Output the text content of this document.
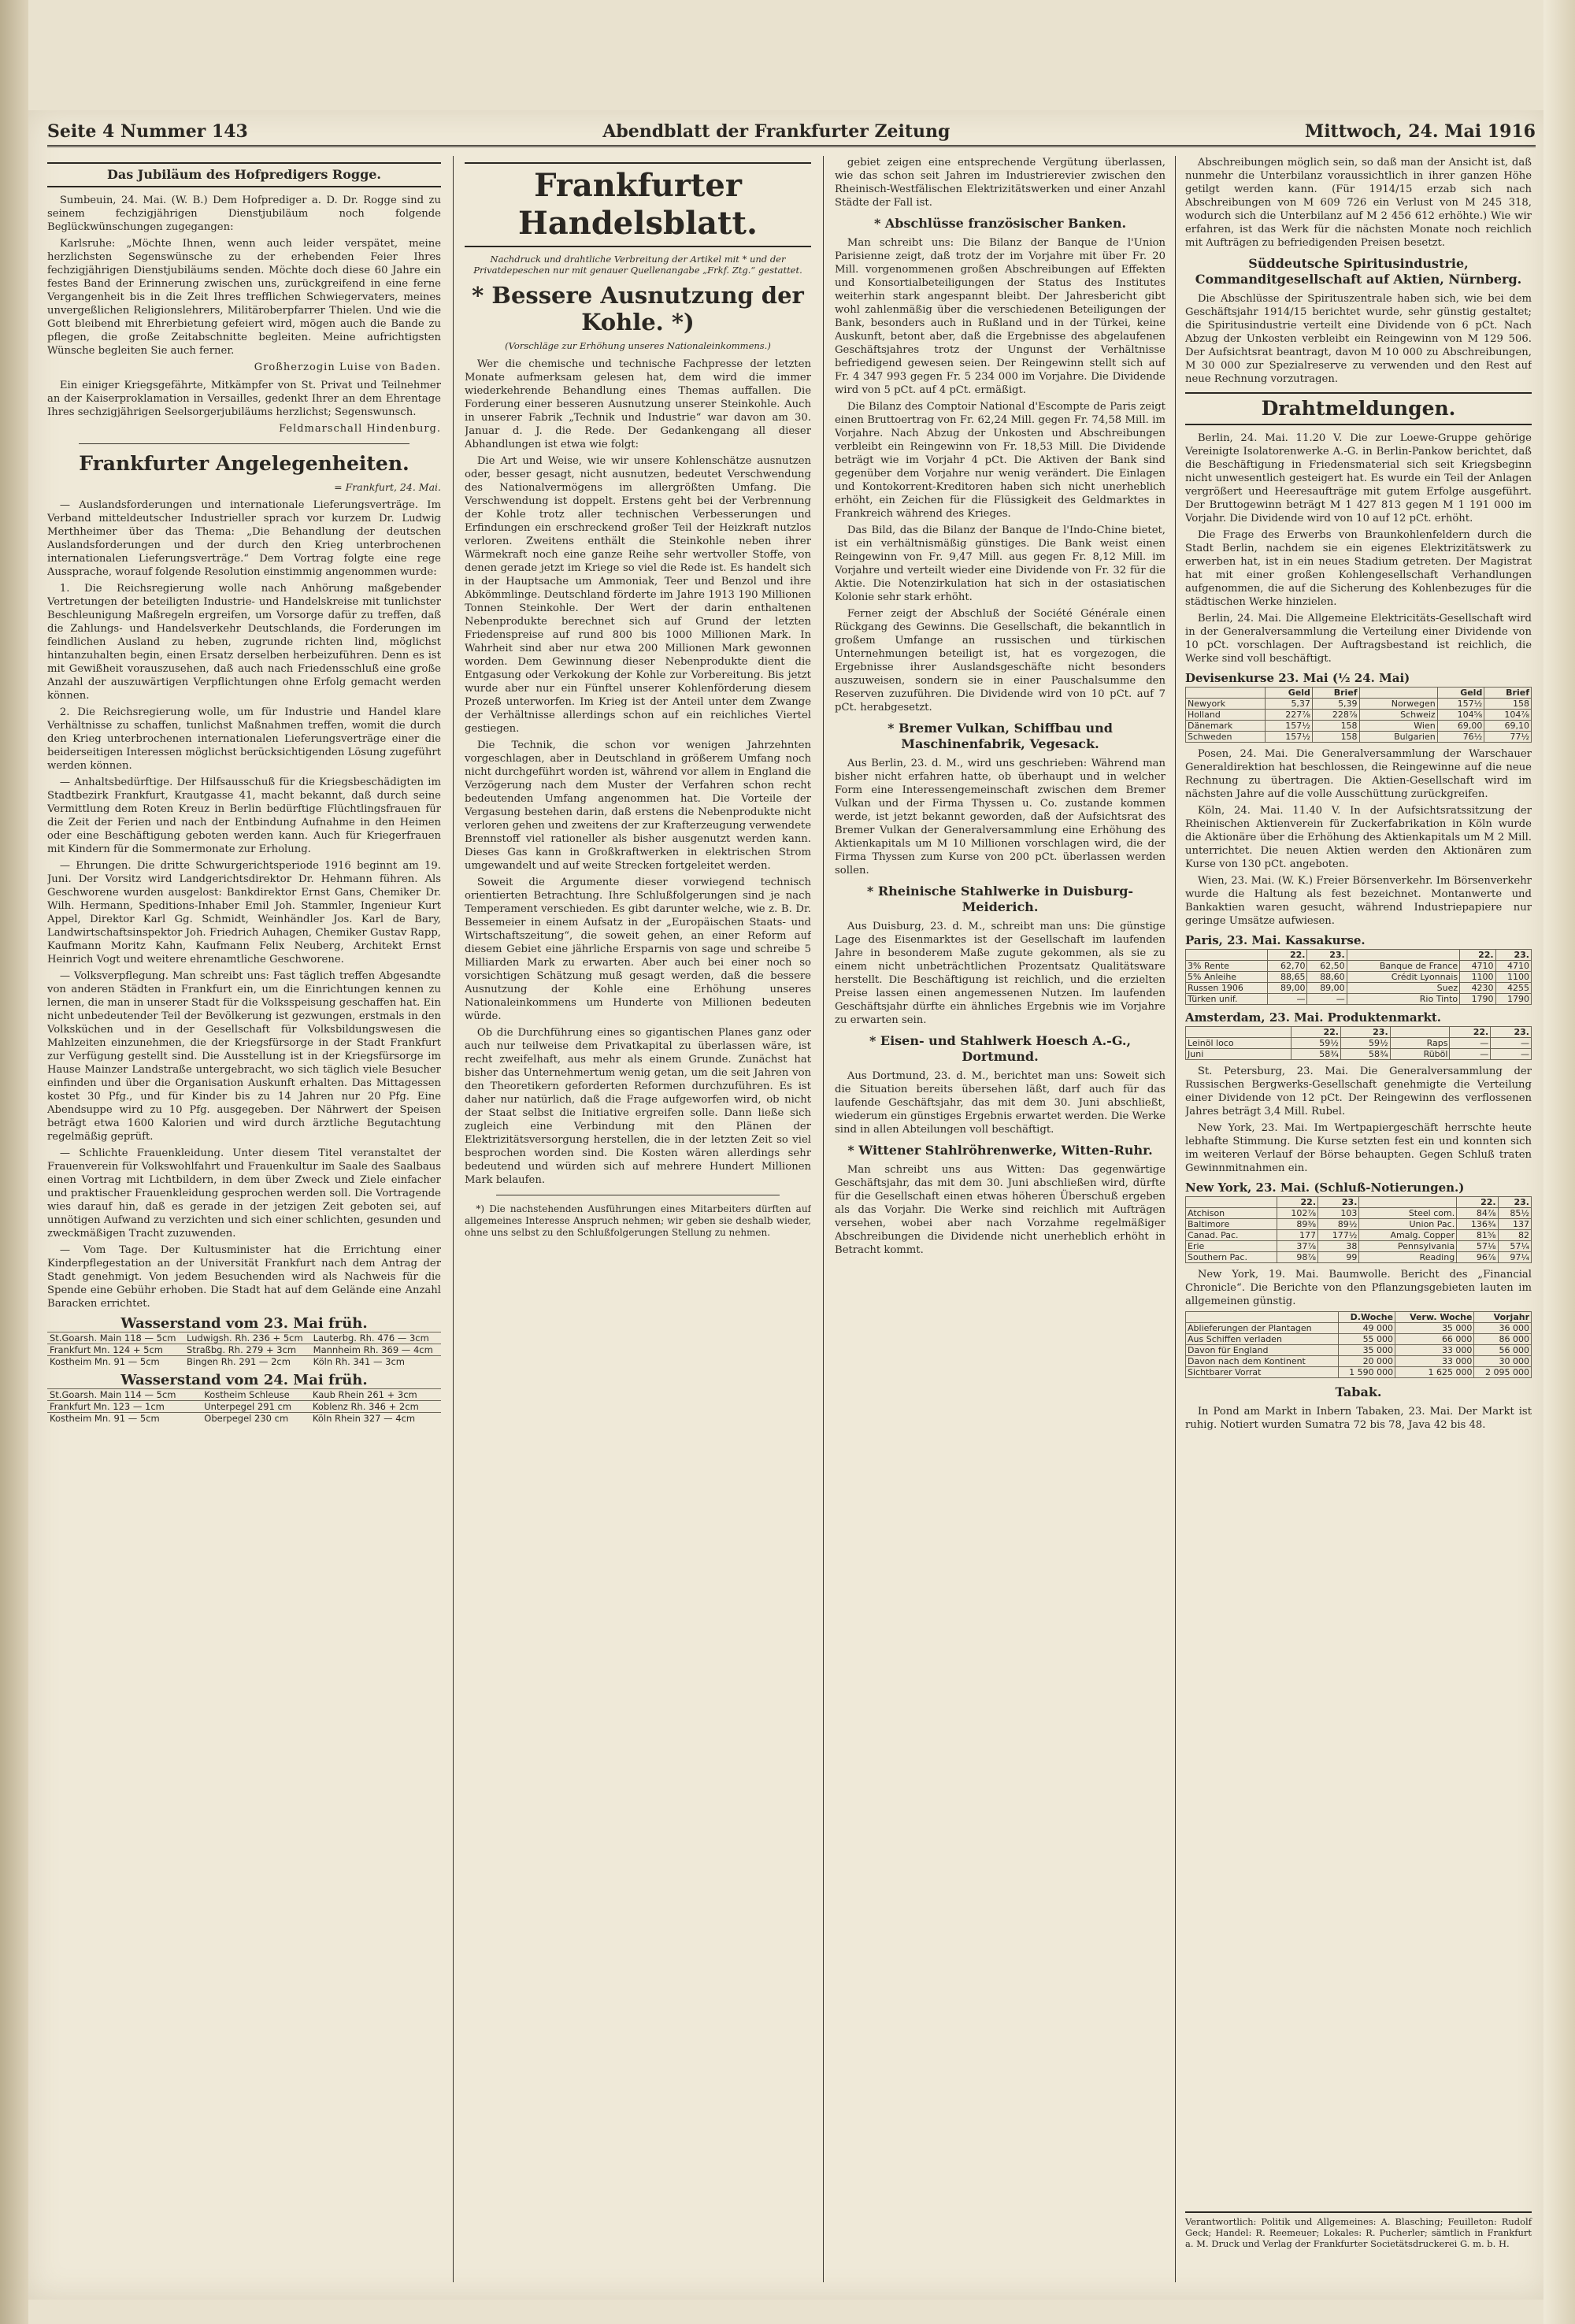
Seite 4 Nummer 143	Abendblatt der Frankfurter Zeitung	Mittwoch, 24. Mai 1916
Das Jubiläum des Hofpredigers Rogge.

Sumbeuin, 24. Mai. (W. B.) Dem Hofprediger a. D. Dr. Rogge sind zu seinem fechzigjährigen Dienstjubiläum noch folgende Beglückwünschungen zugegangen:

Karlsruhe: „Möchte Ihnen, wenn auch leider verspätet, meine herzlichsten Segenswünsche zu der erhebenden Feier Ihres fechzigjährigen Dienstjubiläums senden. Möchte doch diese 60 Jahre ein festes Band der Erinnerung zwischen uns, zurückgreifend in eine ferne Vergangenheit bis in die Zeit Ihres trefflichen Schwiegervaters, meines unvergeßlichen Religionslehrers, Militäroberpfarrer Thielen. Und wie die Gott bleibend mit Ehrerbietung gefeiert wird, mögen auch die Bande zu pflegen, die große Zeitabschnitte begleiten. Meine aufrichtigsten Wünsche begleiten Sie auch ferner.

Großherzogin Luise von Baden.

Ein einiger Kriegsgefährte, Mitkämpfer von St. Privat und Teilnehmer an der Kaiserproklamation in Versailles, gedenkt Ihrer an dem Ehrentage Ihres sechzigjährigen Seelsorgerjubiläums herzlichst; Segenswunsch.

Feldmarschall Hindenburg.
Frankfurter Angelegenheiten.
= Frankfurt, 24. Mai.

— Auslandsforderungen und internationale Lieferungsverträge. Im Verband mitteldeutscher Industrieller sprach vor kurzem Dr. Ludwig Merthheimer über das Thema: „Die Behandlung der deutschen Auslandsforderungen und der durch den Krieg unterbrochenen internationalen Lieferungsverträge.“ Dem Vortrag folgte eine rege Aussprache, worauf folgende Resolution einstimmig angenommen wurde:

1. Die Reichsregierung wolle nach Anhörung maßgebender Vertretungen der beteiligten Industrie- und Handelskreise mit tunlichster Beschleunigung Maßregeln ergreifen, um Vorsorge dafür zu treffen, daß die Zahlungs- und Handelsverkehr Deutschlands, die Forderungen im feindlichen Ausland zu heben, zugrunde richten lind, möglichst hintanzuhalten begin, einen Ersatz derselben herbeizuführen. Denn es ist mit Gewißheit vorauszusehen, daß auch nach Friedensschluß eine große Anzahl der auszuwärtigen Verpflichtungen ohne Erfolg gemacht werden können.

2. Die Reichsregierung wolle, um für Industrie und Handel klare Verhältnisse zu schaffen, tunlichst Maßnahmen treffen, womit die durch den Krieg unterbrochenen internationalen Lieferungsverträge einer die beiderseitigen Interessen möglichst berücksichtigenden Lösung zugeführt werden können.

— Anhaltsbedürftige. Der Hilfsausschuß für die Kriegsbeschädigten im Stadtbezirk Frankfurt, Krautgasse 41, macht bekannt, daß durch seine Vermittlung dem Roten Kreuz in Berlin bedürftige Flüchtlingsfrauen für die Zeit der Ferien und nach der Entbindung Aufnahme in den Heimen oder eine Beschäftigung geboten werden kann. Auch für Kriegerfrauen mit Kindern für die Sommermonate zur Erholung.

— Ehrungen. Die dritte Schwurgerichtsperiode 1916 beginnt am 19. Juni. Der Vorsitz wird Landgerichtsdirektor Dr. Hehmann führen. Als Geschworene wurden ausgelost: Bankdirektor Ernst Gans, Chemiker Dr. Wilh. Hermann, Speditions-Inhaber Emil Joh. Stammler, Ingenieur Kurt Appel, Direktor Karl Gg. Schmidt, Weinhändler Jos. Karl de Bary, Landwirtschaftsinspektor Joh. Friedrich Auhagen, Chemiker Gustav Rapp, Kaufmann Moritz Kahn, Kaufmann Felix Neuberg, Architekt Ernst Heinrich Vogt und weitere ehrenamtliche Geschworene.

— Volksverpflegung. Man schreibt uns: Fast täglich treffen Abgesandte von anderen Städten in Frankfurt ein, um die Einrichtungen kennen zu lernen, die man in unserer Stadt für die Volksspeisung geschaffen hat. Ein nicht unbedeutender Teil der Bevölkerung ist gezwungen, erstmals in den Volksküchen und in der Gesellschaft für Volksbildungswesen die Mahlzeiten einzunehmen, die der Kriegsfürsorge in der Stadt Frankfurt zur Verfügung gestellt sind. Die Ausstellung ist in der Kriegsfürsorge im Hause Mainzer Landstraße untergebracht, wo sich täglich viele Besucher einfinden und über die Organisation Auskunft erhalten. Das Mittagessen kostet 30 Pfg., und für Kinder bis zu 14 Jahren nur 20 Pfg. Eine Abendsuppe wird zu 10 Pfg. ausgegeben. Der Nährwert der Speisen beträgt etwa 1600 Kalorien und wird durch ärztliche Begutachtung regelmäßig geprüft.

— Schlichte Frauenkleidung. Unter diesem Titel veranstaltet der Frauenverein für Volkswohlfahrt und Frauenkultur im Saale des Saalbaus einen Vortrag mit Lichtbildern, in dem über Zweck und Ziele einfacher und praktischer Frauenkleidung gesprochen werden soll. Die Vortragende wies darauf hin, daß es gerade in der jetzigen Zeit geboten sei, auf unnötigen Aufwand zu verzichten und sich einer schlichten, gesunden und zweckmäßigen Tracht zuzuwenden.

— Vom Tage. Der Kultusminister hat die Errichtung einer Kinderpflegestation an der Universität Frankfurt nach dem Antrag der Stadt genehmigt. Von jedem Besuchenden wird als Nachweis für die Spende eine Gebühr erhoben. Die Stadt hat auf dem Gelände eine Anzahl Baracken errichtet.

Wasserstand vom 23. Mai früh.
St.Goarsh. Main 118 — 5cm	Ludwigsh. Rh. 236 + 5cm	Lauterbg. Rh. 476 — 3cm
Frankfurt Mn. 124 + 5cm	Straßbg. Rh. 279 + 3cm	Mannheim Rh. 369 — 4cm
Kostheim Mn. 91 — 5cm	Bingen Rh. 291 — 2cm	Köln Rh. 341 — 3cm
Wasserstand vom 24. Mai früh.
St.Goarsh. Main 114 — 5cm	Kostheim Schleuse	Kaub Rhein 261 + 3cm
Frankfurt Mn. 123 — 1cm	Unterpegel 291 cm	Koblenz Rh. 346 + 2cm
Kostheim Mn. 91 — 5cm	Oberpegel 230 cm	Köln Rhein 327 — 4cm
Frankfurter Handelsblatt.
Nachdruck und drahtliche Verbreitung der Artikel mit * und der Privatdepeschen nur mit genauer Quellenangabe „Frkf. Ztg.“ gestattet.
* Bessere Ausnutzung der Kohle. *)
(Vorschläge zur Erhöhung unseres Nationaleinkommens.)

Wer die chemische und technische Fachpresse der letzten Monate aufmerksam gelesen hat, dem wird die immer wiederkehrende Behandlung eines Themas auffallen. Die Forderung einer besseren Ausnutzung unserer Steinkohle. Auch in unserer Fabrik „Technik und Industrie“ war davon am 30. Januar d. J. die Rede. Der Gedankengang all dieser Abhandlungen ist etwa wie folgt:

Die Art und Weise, wie wir unsere Kohlenschätze ausnutzen oder, besser gesagt, nicht ausnutzen, bedeutet Verschwendung des Nationalvermögens im allergrößten Umfang. Die Verschwendung ist doppelt. Erstens geht bei der Verbrennung der Kohle trotz aller technischen Verbesserungen und Erfindungen ein erschreckend großer Teil der Heizkraft nutzlos verloren. Zweitens enthält die Steinkohle neben ihrer Wärmekraft noch eine ganze Reihe sehr wertvoller Stoffe, von denen gerade jetzt im Kriege so viel die Rede ist. Es handelt sich in der Hauptsache um Ammoniak, Teer und Benzol und ihre Abkömmlinge. Deutschland förderte im Jahre 1913 190 Millionen Tonnen Steinkohle. Der Wert der darin enthaltenen Nebenprodukte berechnet sich auf Grund der letzten Friedenspreise auf rund 800 bis 1000 Millionen Mark. In Wahrheit sind aber nur etwa 200 Millionen Mark gewonnen worden. Dem Gewinnung dieser Nebenprodukte dient die Entgasung oder Verkokung der Kohle zur Vorbereitung. Bis jetzt wurde aber nur ein Fünftel unserer Kohlenförderung diesem Prozeß unterworfen. Im Krieg ist der Anteil unter dem Zwange der Verhältnisse allerdings schon auf ein reichliches Viertel gestiegen.

Die Technik, die schon vor wenigen Jahrzehnten vorgeschlagen, aber in Deutschland in größerem Umfang noch nicht durchgeführt worden ist, während vor allem in England die Verzögerung nach dem Muster der Verfahren schon recht bedeutenden Umfang angenommen hat. Die Vorteile der Vergasung bestehen darin, daß erstens die Nebenprodukte nicht verloren gehen und zweitens der zur Krafterzeugung verwendete Brennstoff viel rationeller als bisher ausgenutzt werden kann. Dieses Gas kann in Großkraftwerken in elektrischen Strom umgewandelt und auf weite Strecken fortgeleitet werden.

Soweit die Argumente dieser vorwiegend technisch orientierten Betrachtung. Ihre Schlußfolgerungen sind je nach Temperament verschieden. Es gibt darunter welche, wie z. B. Dr. Bessemeier in einem Aufsatz in der „Europäischen Staats- und Wirtschaftszeitung“, die soweit gehen, an einer Reform auf diesem Gebiet eine jährliche Ersparnis von sage und schreibe 5 Milliarden Mark zu erwarten. Aber auch bei einer noch so vorsichtigen Schätzung muß gesagt werden, daß die bessere Ausnutzung der Kohle eine Erhöhung unseres Nationaleinkommens um Hunderte von Millionen bedeuten würde.

Ob die Durchführung eines so gigantischen Planes ganz oder auch nur teilweise dem Privatkapital zu überlassen wäre, ist recht zweifelhaft, aus mehr als einem Grunde. Zunächst hat bisher das Unternehmertum wenig getan, um die seit Jahren von den Theoretikern geforderten Reformen durchzuführen. Es ist daher nur natürlich, daß die Frage aufgeworfen wird, ob nicht der Staat selbst die Initiative ergreifen solle. Dann ließe sich zugleich eine Verbindung mit den Plänen der Elektrizitätsversorgung herstellen, die in der letzten Zeit so viel besprochen worden sind. Die Kosten wären allerdings sehr bedeutend und würden sich auf mehrere Hundert Millionen Mark belaufen.

*) Die nachstehenden Ausführungen eines Mitarbeiters dürften auf allgemeines Interesse Anspruch nehmen; wir geben sie deshalb wieder, ohne uns selbst zu den Schlußfolgerungen Stellung zu nehmen.

gebiet zeigen eine entsprechende Vergütung überlassen, wie das schon seit Jahren im Industrierevier zwischen den Rheinisch-Westfälischen Elektrizitätswerken und einer Anzahl Städte der Fall ist.

* Abschlüsse französischer Banken.

Man schreibt uns: Die Bilanz der Banque de l'Union Parisienne zeigt, daß trotz der im Vorjahre mit über Fr. 20 Mill. vorgenommenen großen Abschreibungen auf Effekten und Konsortialbeteiligungen der Status des Institutes weiterhin stark angespannt bleibt. Der Jahresbericht gibt wohl zahlenmäßig über die verschiedenen Beteiligungen der Bank, besonders auch in Rußland und in der Türkei, keine Auskunft, betont aber, daß die Ergebnisse des abgelaufenen Geschäftsjahres trotz der Ungunst der Verhältnisse befriedigend gewesen seien. Der Reingewinn stellt sich auf Fr. 4 347 993 gegen Fr. 5 234 000 im Vorjahre. Die Dividende wird von 5 pCt. auf 4 pCt. ermäßigt.

Die Bilanz des Comptoir National d'Escompte de Paris zeigt einen Bruttoertrag von Fr. 62,24 Mill. gegen Fr. 74,58 Mill. im Vorjahre. Nach Abzug der Unkosten und Abschreibungen verbleibt ein Reingewinn von Fr. 18,53 Mill. Die Dividende beträgt wie im Vorjahr 4 pCt. Die Aktiven der Bank sind gegenüber dem Vorjahre nur wenig verändert. Die Einlagen und Kontokorrent-Kreditoren haben sich nicht unerheblich erhöht, ein Zeichen für die Flüssigkeit des Geldmarktes in Frankreich während des Krieges.

Das Bild, das die Bilanz der Banque de l'Indo-Chine bietet, ist ein verhältnismäßig günstiges. Die Bank weist einen Reingewinn von Fr. 9,47 Mill. aus gegen Fr. 8,12 Mill. im Vorjahre und verteilt wieder eine Dividende von Fr. 32 für die Aktie. Die Notenzirkulation hat sich in der ostasiatischen Kolonie sehr stark erhöht.

Ferner zeigt der Abschluß der Société Générale einen Rückgang des Gewinns. Die Gesellschaft, die bekanntlich in großem Umfange an russischen und türkischen Unternehmungen beteiligt ist, hat es vorgezogen, die Ergebnisse ihrer Auslandsgeschäfte nicht besonders auszuweisen, sondern sie in einer Pauschalsumme den Reserven zuzuführen. Die Dividende wird von 10 pCt. auf 7 pCt. herabgesetzt.

* Bremer Vulkan, Schiffbau und Maschinenfabrik, Vegesack.

Aus Berlin, 23. d. M., wird uns geschrieben: Während man bisher nicht erfahren hatte, ob überhaupt und in welcher Form eine Interessengemeinschaft zwischen dem Bremer Vulkan und der Firma Thyssen u. Co. zustande kommen werde, ist jetzt bekannt geworden, daß der Aufsichtsrat des Bremer Vulkan der Generalversammlung eine Erhöhung des Aktienkapitals um M 10 Millionen vorschlagen wird, die der Firma Thyssen zum Kurse von 200 pCt. überlassen werden sollen.

* Rheinische Stahlwerke in Duisburg-Meiderich.

Aus Duisburg, 23. d. M., schreibt man uns: Die günstige Lage des Eisenmarktes ist der Gesellschaft im laufenden Jahre in besonderem Maße zugute gekommen, als sie zu einem nicht unbeträchtlichen Prozentsatz Qualitätsware herstellt. Die Beschäftigung ist reichlich, und die erzielten Preise lassen einen angemessenen Nutzen. Im laufenden Geschäftsjahr dürfte ein ähnliches Ergebnis wie im Vorjahre zu erwarten sein.

* Eisen- und Stahlwerk Hoesch A.-G., Dortmund.

Aus Dortmund, 23. d. M., berichtet man uns: Soweit sich die Situation bereits übersehen läßt, darf auch für das laufende Geschäftsjahr, das mit dem 30. Juni abschließt, wiederum ein günstiges Ergebnis erwartet werden. Die Werke sind in allen Abteilungen voll beschäftigt.

* Wittener Stahlröhrenwerke, Witten-Ruhr.

Man schreibt uns aus Witten: Das gegenwärtige Geschäftsjahr, das mit dem 30. Juni abschließen wird, dürfte für die Gesellschaft einen etwas höheren Überschuß ergeben als das Vorjahr. Die Werke sind reichlich mit Aufträgen versehen, wobei aber nach Vorzahme regelmäßiger Abschreibungen die Dividende nicht unerheblich erhöht in Betracht kommt.

Abschreibungen möglich sein, so daß man der Ansicht ist, daß nunmehr die Unterbilanz voraussichtlich in ihrer ganzen Höhe getilgt werden kann. (Für 1914/15 erzab sich nach Abschreibungen von M 609 726 ein Verlust von M 245 318, wodurch sich die Unterbilanz auf M 2 456 612 erhöhte.) Wie wir erfahren, ist das Werk für die nächsten Monate noch reichlich mit Aufträgen zu befriedigenden Preisen besetzt.

Süddeutsche Spiritusindustrie, Commanditgesellschaft auf Aktien, Nürnberg.

Die Abschlüsse der Spirituszentrale haben sich, wie bei dem Geschäftsjahr 1914/15 berichtet wurde, sehr günstig gestaltet; die Spiritusindustrie verteilt eine Dividende von 6 pCt. Nach Abzug der Unkosten verbleibt ein Reingewinn von M 129 506. Der Aufsichtsrat beantragt, davon M 10 000 zu Abschreibungen, M 30 000 zur Spezialreserve zu verwenden und den Rest auf neue Rechnung vorzutragen.

Drahtmeldungen.

Berlin, 24. Mai. 11.20 V. Die zur Loewe-Gruppe gehörige Vereinigte Isolatorenwerke A.-G. in Berlin-Pankow berichtet, daß die Beschäftigung in Friedensmaterial sich seit Kriegsbeginn nicht unwesentlich gesteigert hat. Es wurde ein Teil der Anlagen vergrößert und Heeresaufträge mit gutem Erfolge ausgeführt. Der Bruttogewinn beträgt M 1 427 813 gegen M 1 191 000 im Vorjahr. Die Dividende wird von 10 auf 12 pCt. erhöht.

Die Frage des Erwerbs von Braunkohlenfeldern durch die Stadt Berlin, nachdem sie ein eigenes Elektrizitätswerk zu erwerben hat, ist in ein neues Stadium getreten. Der Magistrat hat mit einer großen Kohlengesellschaft Verhandlungen aufgenommen, die auf die Sicherung des Kohlenbezuges für die städtischen Werke hinzielen.

Berlin, 24. Mai. Die Allgemeine Elektricitäts-Gesellschaft wird in der Generalversammlung die Verteilung einer Dividende von 10 pCt. vorschlagen. Der Auftragsbestand ist reichlich, die Werke sind voll beschäftigt.

Devisenkurse 23. Mai (½ 24. Mai)
	Geld	Brief		Geld	Brief
Newyork	5,37	5,39	Norwegen	157½	158
Holland	227⅞	228⅞	Schweiz	104⅝	104⅞
Dänemark	157½	158	Wien	69,00	69,10
Schweden	157½	158	Bulgarien	76½	77½

Posen, 24. Mai. Die Generalversammlung der Warschauer Generaldirektion hat beschlossen, die Reingewinne auf die neue Rechnung zu übertragen. Die Aktien-Gesellschaft wird im nächsten Jahre auf die volle Ausschüttung zurückgreifen.

Köln, 24. Mai. 11.40 V. In der Aufsichtsratssitzung der Rheinischen Aktienverein für Zuckerfabrikation in Köln wurde die Aktionäre über die Erhöhung des Aktienkapitals um M 2 Mill. unterrichtet. Die neuen Aktien werden den Aktionären zum Kurse von 130 pCt. angeboten.

Wien, 23. Mai. (W. K.) Freier Börsenverkehr. Im Börsenverkehr wurde die Haltung als fest bezeichnet. Montanwerte und Bankaktien waren gesucht, während Industriepapiere nur geringe Umsätze aufwiesen.

Paris, 23. Mai. Kassakurse.
	22.	23.		22.	23.
3% Rente	62,70	62,50	Banque de France	4710	4710
5% Anleihe	88,65	88,60	Crédit Lyonnais	1100	1100
Russen 1906	89,00	89,00	Suez	4230	4255
Türken unif.	—	—	Rio Tinto	1790	1790
Amsterdam, 23. Mai. Produktenmarkt.
	22.	23.		22.	23.
Leinöl loco	59½	59½	Raps	—	—
Juni	58¾	58¾	Rüböl	—	—

St. Petersburg, 23. Mai. Die Generalversammlung der Russischen Bergwerks-Gesellschaft genehmigte die Verteilung einer Dividende von 12 pCt. Der Reingewinn des verflossenen Jahres beträgt 3,4 Mill. Rubel.

New York, 23. Mai. Im Wertpapiergeschäft herrschte heute lebhafte Stimmung. Die Kurse setzten fest ein und konnten sich im weiteren Verlauf der Börse behaupten. Gegen Schluß traten Gewinnmitnahmen ein.

New York, 23. Mai. (Schluß-Notierungen.)
	22.	23.		22.	23.
Atchison	102⅞	103	Steel com.	84⅞	85½
Baltimore	89⅜	89½	Union Pac.	136¾	137
Canad. Pac.	177	177½	Amalg. Copper	81⅝	82
Erie	37⅞	38	Pennsylvania	57⅛	57¼
Southern Pac.	98⅞	99	Reading	96⅞	97¼

New York, 19. Mai. Baumwolle. Bericht des „Financial Chronicle“. Die Berichte von den Pflanzungsgebieten lauten im allgemeinen günstig.

	D.Woche	Verw. Woche	Vorjahr
Ablieferungen der Plantagen	49 000	35 000	36 000
Aus Schiffen verladen	55 000	66 000	86 000
Davon für England	35 000	33 000	56 000
Davon nach dem Kontinent	20 000	33 000	30 000
Sichtbarer Vorrat	1 590 000	1 625 000	2 095 000
Tabak.

In Pond am Markt in Inbern Tabaken, 23. Mai. Der Markt ist ruhig. Notiert wurden Sumatra 72 bis 78, Java 42 bis 48.

Verantwortlich: Politik und Allgemeines: A. Blasching; Feuilleton: Rudolf Geck; Handel: R. Reemeuer; Lokales: R. Pucherler; sämtlich in Frankfurt a. M. Druck und Verlag der Frankfurter Societätsdruckerei G. m. b. H.
